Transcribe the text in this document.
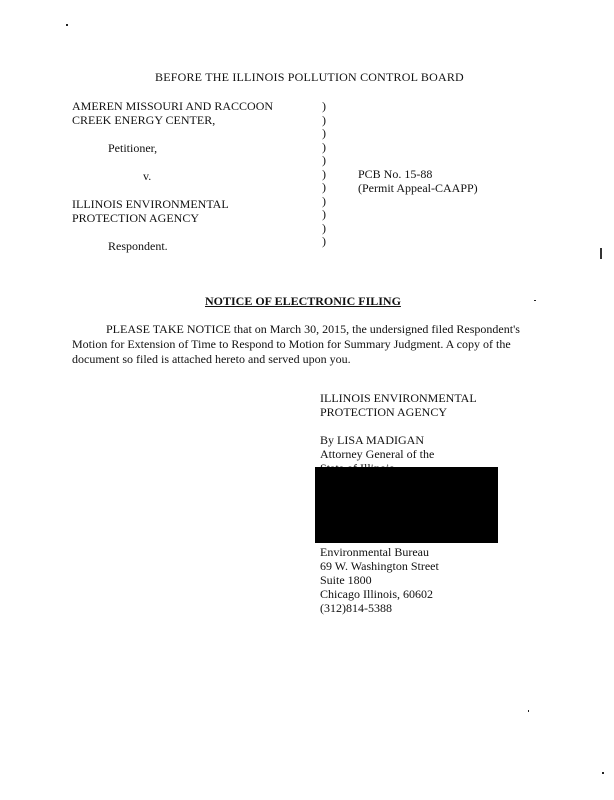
BEFORE THE ILLINOIS POLLUTION CONTROL BOARD
AMEREN MISSOURI AND RACCOON
CREEK ENERGY CENTER,
Petitioner,
v.
ILLINOIS ENVIRONMENTAL
PROTECTION AGENCY
Respondent.
)
)
)
)
)
)
)
)
)
)
)
PCB No. 15-88
(Permit Appeal-CAAPP)
NOTICE OF ELECTRONIC FILING
PLEASE TAKE NOTICE that on March 30, 2015, the undersigned filed Respondent's Motion for Extension of Time to Respond to Motion for Summary Judgment. A copy of the document so filed is attached hereto and served upon you.
ILLINOIS ENVIRONMENTAL
PROTECTION AGENCY
By LISA MADIGAN
Attorney General of the
Environmental Bureau
69 W. Washington Street
Suite 1800
Chicago Illinois, 60602
(312)814-5388
